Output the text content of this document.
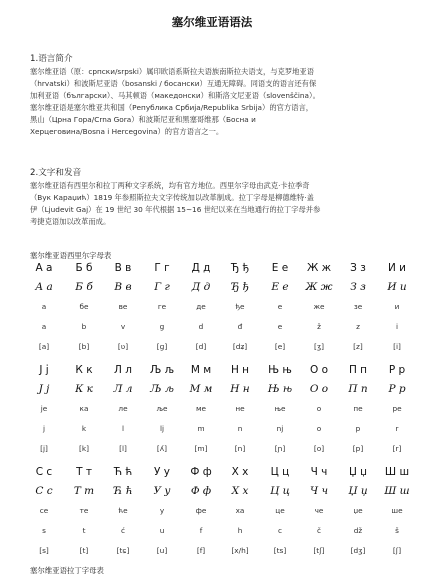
塞尔维亚语语法
1.语言简介
塞尔维亚语（原：српски/srpski）属印欧语系斯拉夫语族南斯拉夫语支，与克罗地亚语
（hrvatski）和波斯尼亚语（bosanski / босански）互通无障碍。同语支的语言还有保
加利亚语（български）、马其顿语（македонски）和斯洛文尼亚语（slovenščina）。
塞尔维亚语是塞尔维亚共和国（Република Србија/Republika Srbija）的官方语言，
黑山（Црна Гора/Crna Gora）和波斯尼亚和黑塞哥维那（Босна и
Херцеговина/Bosna i Hercegovina）的官方语言之一。
2.文字和发音
塞尔维亚语有西里尔和拉丁两种文字系统，均有官方地位。西里尔字母由武克·卡拉季奇
（Вук Караџић）1819 年参照斯拉夫文字传统加以改革制成。拉丁字母是柳德维特·盖
伊（Ljudevit Gaj）在 19 世纪 30 年代根据 15~16 世纪以来在当地通行的拉丁字母并参
考捷克语加以改革而成。
塞尔维亚语西里尔字母表
А а	Б б	В в	Г г	Д д	Ђ ђ	Е е	Ж ж	З з	И и
А а	Б б	В в	Г г	Д д	Ђ ђ	Е е	Ж ж	З з	И и
а	бе	ве	ге	де	ђе	е	же	зе	и
a	b	v	g	d	đ	e	ž	z	i
[a]	[b]	[ʋ]	[ɡ]	[d]	[dʑ]	[e]	[ʒ]	[z]	[i]
Ј ј	К к	Л л	Љ љ	М м	Н н	Њ њ	О о	П п	Р р
Ј ј	К к	Л л	Љ љ	М м	Н н	Њ њ	О о	П п	Р р
је	ка	ле	ље	ме	не	ње	о	пе	ре
j	k	l	lj	m	n	nj	o	p	r
[j]	[k]	[l]	[ʎ]	[m]	[n]	[ɲ]	[o]	[p]	[r]
С с	Т т	Ћ ћ	У у	Ф ф	Х х	Ц ц	Ч ч	Џ џ	Ш ш
С с	Т т	Ћ ћ	У у	Ф ф	Х х	Ц ц	Ч ч	Џ џ	Ш ш
се	те	ће	у	фе	ха	це	че	џе	ше
s	t	ć	u	f	h	c	č	dž	š
[s]	[t]	[tɕ]	[u]	[f]	[x/h]	[ts]	[tʃ]	[dʒ]	[ʃ]
塞尔维亚语拉丁字母表
